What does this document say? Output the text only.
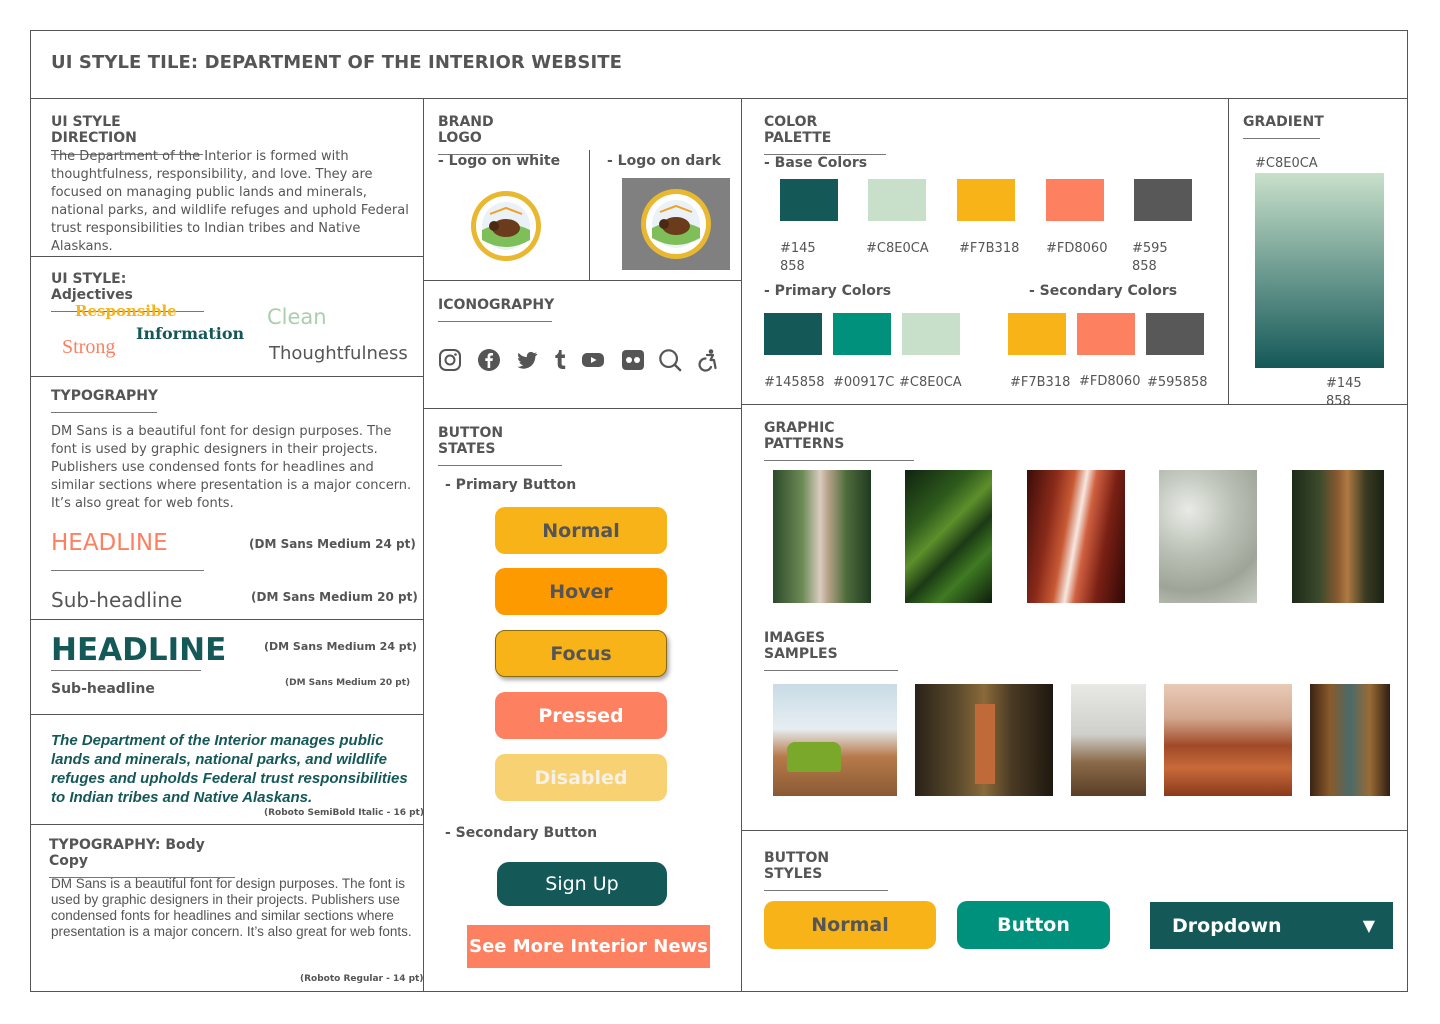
UI STYLE TILE: DEPARTMENT OF THE INTERIOR WEBSITE
UI STYLE DIRECTION
The Department of the Interior is formed with thoughtfulness, responsibility, and love. They are focused on managing public lands and minerals, national parks, and wildlife refuges and uphold Federal trust responsibilities to Indian tribes and Native Alaskans.
UI STYLE: Adjectives
Responsible
Information
Clean
Strong	Thoughtfulness
TYPOGRAPHY
DM Sans is a beautiful font for design purposes. The font is used by graphic designers in their projects. Publishers use condensed fonts for headlines and similar sections where presentation is a major concern. It’s also great for web fonts.
HEADLINE	(DM Sans Medium 24 pt)
Sub-headline	(DM Sans Medium 20 pt)
HEADLINE	(DM Sans Medium 24 pt)
Sub-headline	(DM Sans Medium 20 pt)
The Department of the Interior manages public lands and minerals, national parks, and wildlife refuges and upholds Federal trust responsibilities to Indian tribes and Native Alaskans.
(Roboto SemiBold Italic - 16 pt)
TYPOGRAPHY: Body Copy
DM Sans is a beautiful font for design purposes. The font is used by graphic designers in their projects. Publishers use condensed fonts for headlines and similar sections where presentation is a major concern. It’s also great for web fonts.
(Roboto Regular - 14 pt)
BRAND LOGO
- Logo on white	- Logo on dark
ICONOGRAPHY
BUTTON STATES
- Primary Button
Normal
Hover
Focus
Pressed
Disabled
- Secondary Button
Sign Up
See More Interior News
COLOR PALETTE
- Base Colors
#145
858
#C8E0CA #F7B318 #FD8060 #595
858
- Primary Colors	- Secondary Colors
#145858 #00917C #C8E0CA	#F7B318 #FD8060 #595858
GRADIENT
#C8E0CA
#145
858
GRAPHIC PATTERNS
IMAGES SAMPLES
BUTTON STYLES
Normal	Button	Dropdown	▼
